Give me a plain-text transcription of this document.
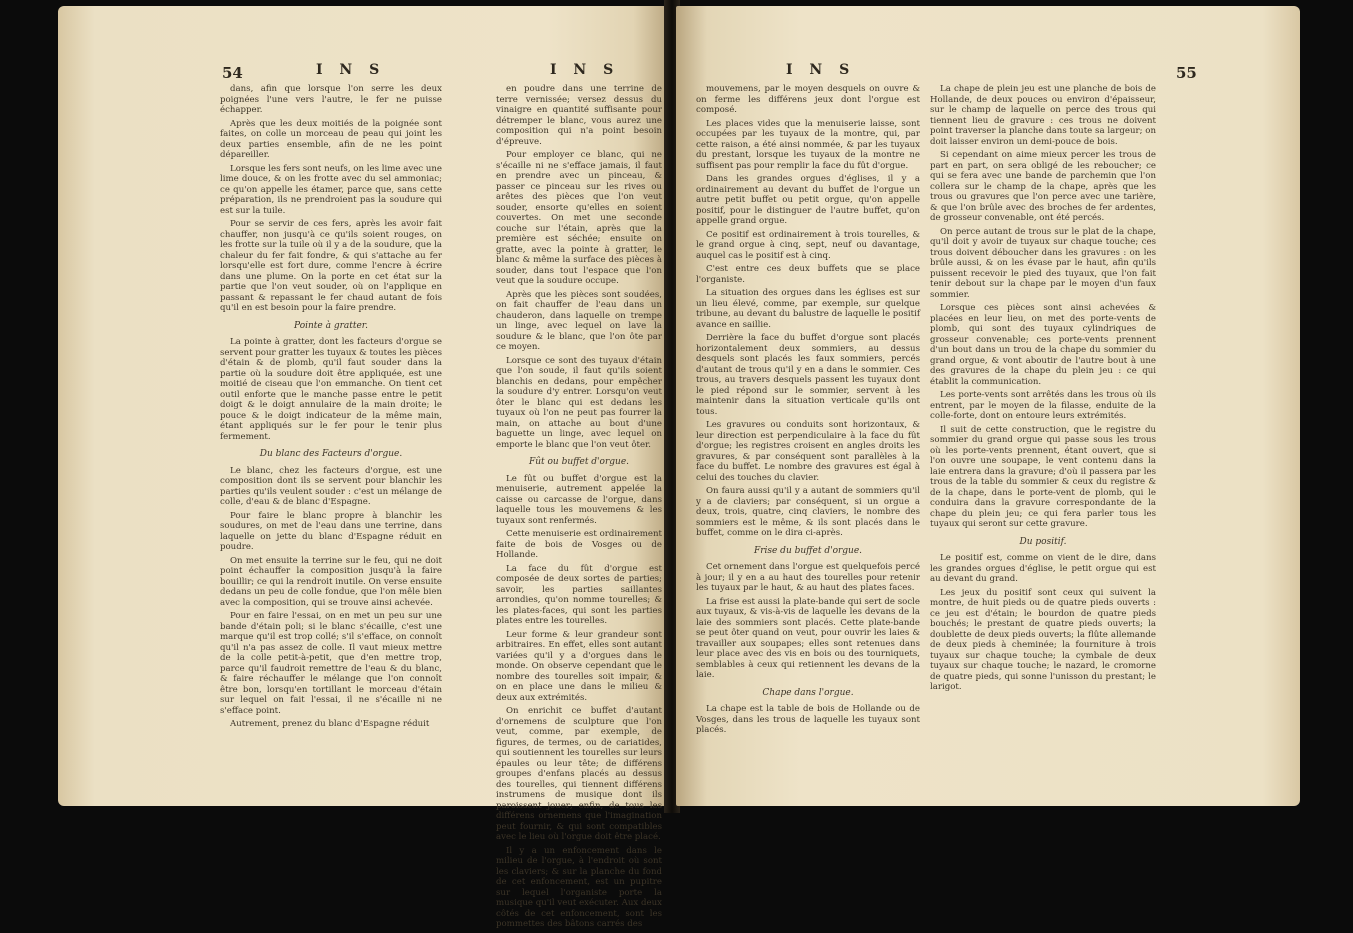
54	I N S	I N S

dans, afin que lorsque l'on serre les deux poignées l'une vers l'autre, le fer ne puisse échapper.

Après que les deux moitiés de la poignée sont faites, on colle un morceau de peau qui joint les deux parties ensemble, afin de ne les point dépareiller.

Lorsque les fers sont neufs, on les lime avec une lime douce, & on les frotte avec du sel ammoniac; ce qu'on appelle les étamer, parce que, sans cette préparation, ils ne prendroient pas la soudure qui est sur la tuile.

Pour se servir de ces fers, après les avoir fait chauffer, non jusqu'à ce qu'ils soient rouges, on les frotte sur la tuile où il y a de la soudure, que la chaleur du fer fait fondre, & qui s'attache au fer lorsqu'elle est fort dure, comme l'encre à écrire dans une plume. On la porte en cet état sur la partie que l'on veut souder, où on l'applique en passant & repassant le fer chaud autant de fois qu'il en est besoin pour la faire prendre.

Pointe à gratter.

La pointe à gratter, dont les facteurs d'orgue se servent pour gratter les tuyaux & toutes les pièces d'étain & de plomb, qu'il faut souder dans la partie où la soudure doit être appliquée, est une moitié de ciseau que l'on emmanche. On tient cet outil enforte que le manche passe entre le petit doigt & le doigt annulaire de la main droite; le pouce & le doigt indicateur de la même main, étant appliqués sur le fer pour le tenir plus fermement.

Du blanc des Facteurs d'orgue.

Le blanc, chez les facteurs d'orgue, est une composition dont ils se servent pour blanchir les parties qu'ils veulent souder : c'est un mélange de colle, d'eau & de blanc d'Espagne.

Pour faire le blanc propre à blanchir les soudures, on met de l'eau dans une terrine, dans laquelle on jette du blanc d'Espagne réduit en poudre.

On met ensuite la terrine sur le feu, qui ne doit point échauffer la composition jusqu'à la faire bouillir; ce qui la rendroit inutile. On verse ensuite dedans un peu de colle fondue, que l'on mêle bien avec la composition, qui se trouve ainsi achevée.

Pour en faire l'essai, on en met un peu sur une bande d'étain poli; si le blanc s'écaille, c'est une marque qu'il est trop collé; s'il s'efface, on connoît qu'il n'a pas assez de colle. Il vaut mieux mettre de la colle petit-à-petit, que d'en mettre trop, parce qu'il faudroit remettre de l'eau & du blanc, & faire réchauffer le mélange que l'on connoît être bon, lorsqu'en tortillant le morceau d'étain sur lequel on fait l'essai, il ne s'écaille ni ne s'efface point.

Autrement, prenez du blanc d'Espagne réduit

en poudre dans une terrine de terre vernissée; versez dessus du vinaigre en quantité suffisante pour détremper le blanc, vous aurez une composition qui n'a point besoin d'épreuve.

Pour employer ce blanc, qui ne s'écaille ni ne s'efface jamais, il faut en prendre avec un pinceau, & passer ce pinceau sur les rives ou arêtes des pièces que l'on veut souder, ensorte qu'elles en soient couvertes. On met une seconde couche sur l'étain, après que la première est séchée; ensuite on gratte, avec la pointe à gratter, le blanc & même la surface des pièces à souder, dans tout l'espace que l'on veut que la soudure occupe.

Après que les pièces sont soudées, on fait chauffer de l'eau dans un chauderon, dans laquelle on trempe un linge, avec lequel on lave la soudure & le blanc, que l'on ôte par ce moyen.

Lorsque ce sont des tuyaux d'étain que l'on soude, il faut qu'ils soient blanchis en dedans, pour empêcher la soudure d'y entrer. Lorsqu'on veut ôter le blanc qui est dedans les tuyaux où l'on ne peut pas fourrer la main, on attache au bout d'une baguette un linge, avec lequel on emporte le blanc que l'on veut ôter.

Fût ou buffet d'orgue.

Le fût ou buffet d'orgue est la menuiserie, autrement appelée la caisse ou carcasse de l'orgue, dans laquelle tous les mouvemens & les tuyaux sont renfermés.

Cette menuiserie est ordinairement faite de bois de Vosges ou de Hollande.

La face du fût d'orgue est composée de deux sortes de parties; savoir, les parties saillantes arrondies, qu'on nomme tourelles; & les plates-faces, qui sont les parties plates entre les tourelles.

Leur forme & leur grandeur sont arbitraires. En effet, elles sont autant variées qu'il y a d'orgues dans le monde. On observe cependant que le nombre des tourelles soit impair, & on en place une dans le milieu & deux aux extrémités.

On enrichit ce buffet d'autant d'ornemens de sculpture que l'on veut, comme, par exemple, de figures, de termes, ou de cariatides, qui soutiennent les tourelles sur leurs épaules ou leur tête; de différens groupes d'enfans placés au dessus des tourelles, qui tiennent différens instrumens de musique dont ils paroissent jouer; enfin, de tous les différens ornemens que l'imagination peut fournir, & qui sont compatibles avec le lieu où l'orgue doit être placé.

Il y a un enfoncement dans le milieu de l'orgue, à l'endroit où sont les claviers; & sur la planche du fond de cet enfoncement, est un pupitre sur lequel l'organiste porte la musique qu'il veut exécuter. Aux deux côtés de cet enfoncement, sont les pommettes des bâtons carrés des

I N S	55

mouvemens, par le moyen desquels on ouvre & on ferme les différens jeux dont l'orgue est composé.

Les places vides que la menuiserie laisse, sont occupées par les tuyaux de la montre, qui, par cette raison, a été ainsi nommée, & par les tuyaux du prestant, lorsque les tuyaux de la montre ne suffisent pas pour remplir la face du fût d'orgue.

Dans les grandes orgues d'églises, il y a ordinairement au devant du buffet de l'orgue un autre petit buffet ou petit orgue, qu'on appelle positif, pour le distinguer de l'autre buffet, qu'on appelle grand orgue.

Ce positif est ordinairement à trois tourelles, & le grand orgue à cinq, sept, neuf ou davantage, auquel cas le positif est à cinq.

C'est entre ces deux buffets que se place l'organiste.

La situation des orgues dans les églises est sur un lieu élevé, comme, par exemple, sur quelque tribune, au devant du balustre de laquelle le positif avance en saillie.

Derrière la face du buffet d'orgue sont placés horizontalement deux sommiers, au dessus desquels sont placés les faux sommiers, percés d'autant de trous qu'il y en a dans le sommier. Ces trous, au travers desquels passent les tuyaux dont le pied répond sur le sommier, servent à les maintenir dans la situation verticale qu'ils ont tous.

Les gravures ou conduits sont horizontaux, & leur direction est perpendiculaire à la face du fût d'orgue; les registres croisent en angles droits les gravures, & par conséquent sont parallèles à la face du buffet. Le nombre des gravures est égal à celui des touches du clavier.

On faura aussi qu'il y a autant de sommiers qu'il y a de claviers; par conséquent, si un orgue a deux, trois, quatre, cinq claviers, le nombre des sommiers est le même, & ils sont placés dans le buffet, comme on le dira ci-après.

Frise du buffet d'orgue.

Cet ornement dans l'orgue est quelquefois percé à jour; il y en a au haut des tourelles pour retenir les tuyaux par le haut, & au haut des plates faces.

La frise est aussi la plate-bande qui sert de socle aux tuyaux, & vis-à-vis de laquelle les devans de la laie des sommiers sont placés. Cette plate-bande se peut ôter quand on veut, pour ouvrir les laies & travailler aux soupapes; elles sont retenues dans leur place avec des vis en bois ou des tourniquets, semblables à ceux qui retiennent les devans de la laie.

Chape dans l'orgue.

La chape est la table de bois de Hollande ou de Vosges, dans les trous de laquelle les tuyaux sont placés.

La chape de plein jeu est une planche de bois de Hollande, de deux pouces ou environ d'épaisseur, sur le champ de laquelle on perce des trous qui tiennent lieu de gravure : ces trous ne doivent point traverser la planche dans toute sa largeur; on doit laisser environ un demi-pouce de bois.

Si cependant on aime mieux percer les trous de part en part, on sera obligé de les reboucher; ce qui se fera avec une bande de parchemin que l'on collera sur le champ de la chape, après que les trous ou gravures que l'on perce avec une tarière, & que l'on brûle avec des broches de fer ardentes, de grosseur convenable, ont été percés.

On perce autant de trous sur le plat de la chape, qu'il doit y avoir de tuyaux sur chaque touche; ces trous doivent déboucher dans les gravures : on les brûle aussi, & on les évase par le haut, afin qu'ils puissent recevoir le pied des tuyaux, que l'on fait tenir debout sur la chape par le moyen d'un faux sommier.

Lorsque ces pièces sont ainsi achevées & placées en leur lieu, on met des porte-vents de plomb, qui sont des tuyaux cylindriques de grosseur convenable; ces porte-vents prennent d'un bout dans un trou de la chape du sommier du grand orgue, & vont aboutir de l'autre bout à une des gravures de la chape du plein jeu : ce qui établit la communication.

Les porte-vents sont arrêtés dans les trous où ils entrent, par le moyen de la filasse, enduite de la colle-forte, dont on entoure leurs extrémités.

Il suit de cette construction, que le registre du sommier du grand orgue qui passe sous les trous où les porte-vents prennent, étant ouvert, que si l'on ouvre une soupape, le vent contenu dans la laie entrera dans la gravure; d'où il passera par les trous de la table du sommier & ceux du registre & de la chape, dans le porte-vent de plomb, qui le conduira dans la gravure correspondante de la chape du plein jeu; ce qui fera parler tous les tuyaux qui seront sur cette gravure.

Du positif.

Le positif est, comme on vient de le dire, dans les grandes orgues d'église, le petit orgue qui est au devant du grand.

Les jeux du positif sont ceux qui suivent la montre, de huit pieds ou de quatre pieds ouverts : ce jeu est d'étain; le bourdon de quatre pieds bouchés; le prestant de quatre pieds ouverts; la doublette de deux pieds ouverts; la flûte allemande de deux pieds à cheminée; la fourniture à trois tuyaux sur chaque touche; la cymbale de deux tuyaux sur chaque touche; le nazard, le cromorne de quatre pieds, qui sonne l'unisson du prestant; le larigot.
